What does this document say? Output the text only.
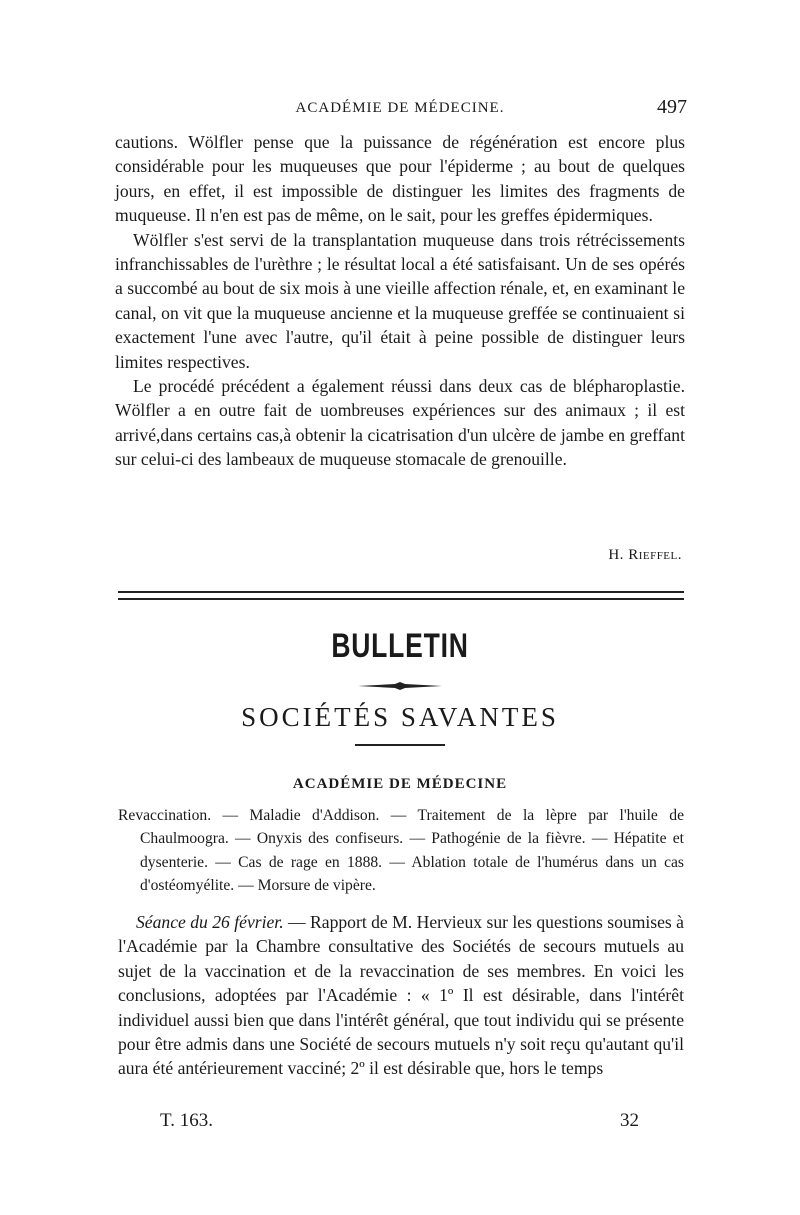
ACADÉMIE DE MÉDECINE.	497

cautions. Wölfler pense que la puissance de régénération est encore plus considérable pour les muqueuses que pour l'épiderme ; au bout de quelques jours, en effet, il est impossible de distinguer les limites des fragments de muqueuse. Il n'en est pas de même, on le sait, pour les greffes épidermiques.

Wölfler s'est servi de la transplantation muqueuse dans trois rétrécissements infranchissables de l'urèthre ; le résultat local a été satisfaisant. Un de ses opérés a succombé au bout de six mois à une vieille affection rénale, et, en examinant le canal, on vit que la muqueuse ancienne et la muqueuse greffée se continuaient si exactement l'une avec l'autre, qu'il était à peine possible de distinguer leurs limites respectives.

Le procédé précédent a également réussi dans deux cas de blépharoplastie. Wölfler a en outre fait de uombreuses expériences sur des animaux ; il est arrivé,dans certains cas,à obtenir la cicatrisation d'un ulcère de jambe en greffant sur celui-ci des lambeaux de muqueuse stomacale de grenouille.

H. Rieffel.
BULLETIN
SOCIÉTÉS SAVANTES
ACADÉMIE DE MÉDECINE
Revaccination. — Maladie d'Addison. — Traitement de la lèpre par l'huile de Chaulmoogra. — Onyxis des confiseurs. — Pathogénie de la fièvre. — Hépatite et dysenterie. — Cas de rage en 1888. — Ablation totale de l'humérus dans un cas d'ostéomyélite. — Morsure de vipère.

Séance du 26 février. — Rapport de M. Hervieux sur les questions soumises à l'Académie par la Chambre consultative des Sociétés de secours mutuels au sujet de la vaccination et de la revaccination de ses membres. En voici les conclusions, adoptées par l'Académie : « 1º Il est désirable, dans l'intérêt individuel aussi bien que dans l'intérêt général, que tout individu qui se présente pour être admis dans une Société de secours mutuels n'y soit reçu qu'autant qu'il aura été antérieurement vacciné; 2º il est désirable que, hors le temps

T. 163.	32
